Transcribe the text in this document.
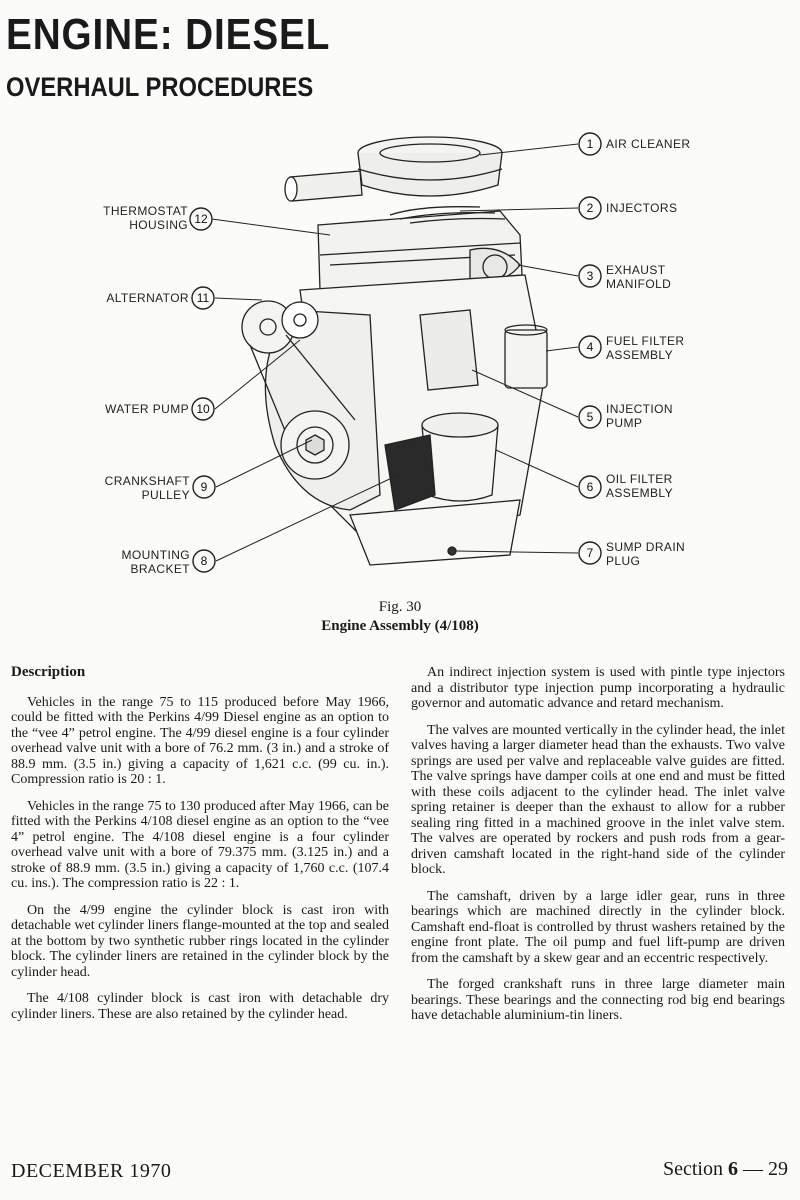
ENGINE: DIESEL
OVERHAUL PROCEDURES
1
2
3
4
5
6
7
12
11
10
9
8
AIR CLEANER
INJECTORS
EXHAUST
MANIFOLD
FUEL FILTER
ASSEMBLY
INJECTION
PUMP
OIL FILTER
ASSEMBLY
SUMP DRAIN
PLUG
THERMOSTAT
HOUSING
ALTERNATOR
WATER PUMP
CRANKSHAFT
PULLEY
MOUNTING
BRACKET
Fig. 30
Engine Assembly (4/108)
Description

Vehicles in the range 75 to 115 produced before May 1966, could be fitted with the Perkins 4/99 Diesel engine as an option to the “vee 4” petrol engine. The 4/99 diesel engine is a four cylinder overhead valve unit with a bore of 76.2 mm. (3 in.) and a stroke of 88.9 mm. (3.5 in.) giving a capacity of 1,621 c.c. (99 cu. in.). Compression ratio is 20 : 1.

Vehicles in the range 75 to 130 produced after May 1966, can be fitted with the Perkins 4/108 diesel engine as an option to the “vee 4” petrol engine. The 4/108 diesel engine is a four cylinder overhead valve unit with a bore of 79.375 mm. (3.125 in.) and a stroke of 88.9 mm. (3.5 in.) giving a capacity of 1,760 c.c. (107.4 cu. ins.). The compression ratio is 22 : 1.

On the 4/99 engine the cylinder block is cast iron with detachable wet cylinder liners flange-mounted at the top and sealed at the bottom by two synthetic rubber rings located in the cylinder block. The cylinder liners are retained in the cylinder block by the cylinder head.

The 4/108 cylinder block is cast iron with detachable dry cylinder liners. These are also retained by the cylinder head.

An indirect injection system is used with pintle type injectors and a distributor type injection pump incorporating a hydraulic governor and automatic advance and retard mechanism.

The valves are mounted vertically in the cylinder head, the inlet valves having a larger diameter head than the exhausts. Two valve springs are used per valve and replaceable valve guides are fitted. The valve springs have damper coils at one end and must be fitted with these coils adjacent to the cylinder head. The inlet valve spring retainer is deeper than the exhaust to allow for a rubber sealing ring fitted in a machined groove in the inlet valve stem. The valves are operated by rockers and push rods from a gear-driven camshaft located in the right-hand side of the cylinder block.

The camshaft, driven by a large idler gear, runs in three bearings which are machined directly in the cylinder block. Camshaft end-float is controlled by thrust washers retained by the engine front plate. The oil pump and fuel lift-pump are driven from the camshaft by a skew gear and an eccentric respectively.

The forged crankshaft runs in three large diameter main bearings. These bearings and the connecting rod big end bearings have detachable aluminium-tin liners.

DECEMBER 1970	Section 6 — 29
